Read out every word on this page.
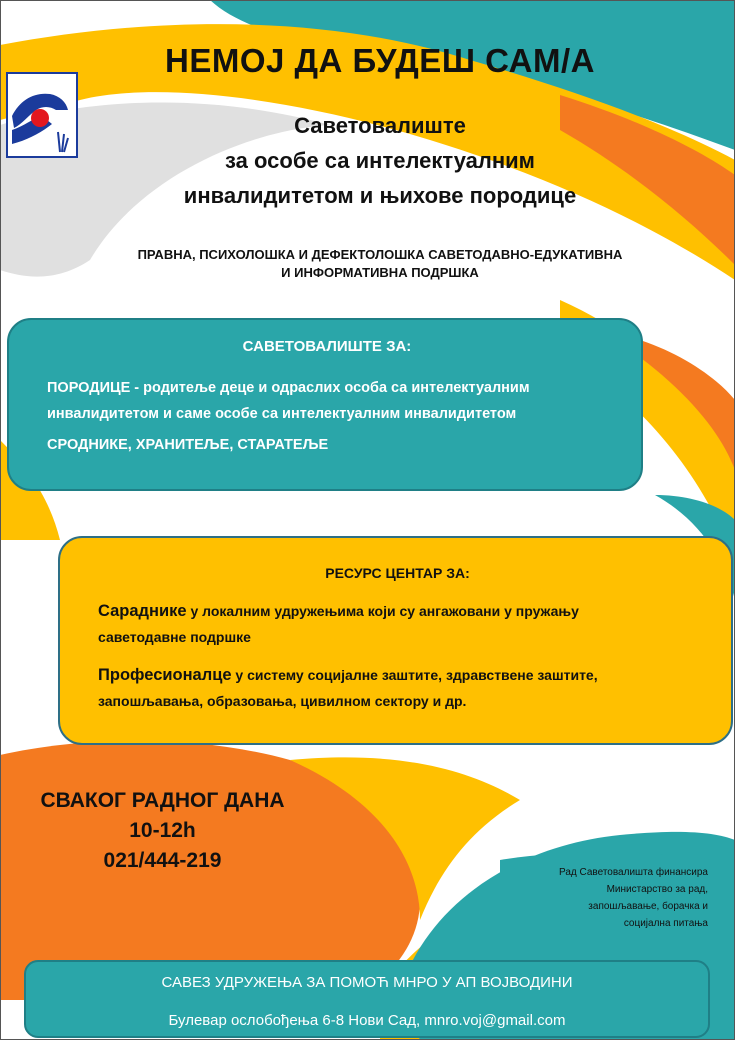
НЕМОЈ ДА БУДЕШ САМ/А
Саветовалиште
за особе са интелектуалним
инвалидитетом и њихове породице
ПРАВНА, ПСИХОЛОШКА И ДЕФЕКТОЛОШКА САВЕТОДАВНО-ЕДУКАТИВНА
И ИНФОРМАТИВНА ПОДРШКА
САВЕТОВАЛИШТЕ ЗА:
ПОРОДИЦЕ - родитеље деце и одраслих особа са интелектуалним
инвалидитетом и саме особе са интелектуалним инвалидитетом
СРОДНИКЕ, ХРАНИТЕЉЕ, СТАРАТЕЉЕ
РЕСУРС ЦЕНТАР ЗА:
Сараднике у локалним удружењима који су ангажовани у пружању
саветодавне подршке
Професионалце у систему социјалне заштите, здравствене заштите,
запошљавања, образовања, цивилном сектору и др.
СВАКОГ РАДНОГ ДАНА
10-12h
021/444-219
Рад Саветовалишта финансира
Министарство за рад,
запошљавање, борачка и
социјална питања
САВЕЗ УДРУЖЕЊА ЗА ПОМОЋ МНРО У АП ВОЈВОДИНИ
Булевар ослобођења 6-8 Нови Сад, mnro.voj@gmail.com
